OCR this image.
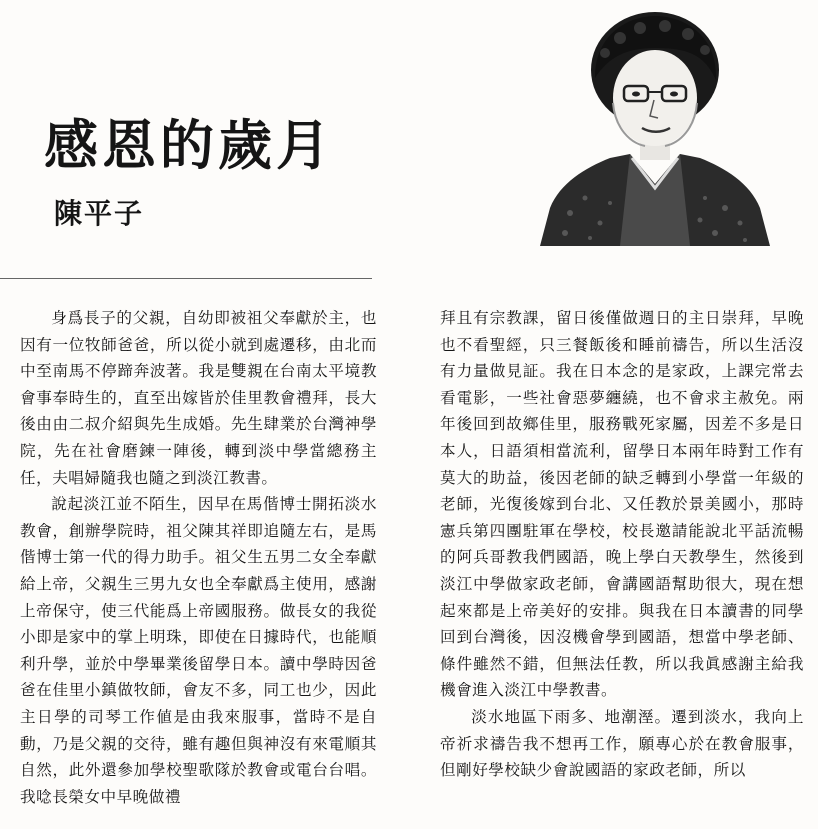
感恩的歲月
陳平子

身爲長子的父親，自幼即被祖父奉獻於主，也因有一位牧師爸爸，所以從小就到處遷移，由北而中至南馬不停蹄奔波著。我是雙親在台南太平境教會事奉時生的，直至出嫁皆於佳里教會禮拜，長大後由由二叔介紹與先生成婚。先生肆業於台灣神學院，先在社會磨鍊一陣後，轉到淡中學當總務主任，夫唱婦隨我也隨之到淡江教書。

說起淡江並不陌生，因早在馬偕博士開拓淡水教會，創辦學院時，祖父陳其祥即追隨左右，是馬偕博士第一代的得力助手。祖父生五男二女全奉獻給上帝，父親生三男九女也全奉獻爲主使用，感謝上帝保守，使三代能爲上帝國服務。做長女的我從小即是家中的掌上明珠，即使在日據時代，也能順利升學，並於中學畢業後留學日本。讀中學時因爸爸在佳里小鎮做牧師，會友不多，同工也少，因此主日學的司琴工作値是由我來服事，當時不是自動，乃是父親的交待，雖有趣但與神沒有來電順其自然，此外還參加學校聖歌隊於教會或電台台唱。我唸長榮女中早晚做禮

拜且有宗教課，留日後僅做週日的主日崇拜，早晚也不看聖經，只三餐飯後和睡前禱告，所以生活沒有力量做見証。我在日本念的是家政，上課完常去看電影，一些社會惡夢纏繞，也不會求主赦免。兩年後回到故鄉佳里，服務戰死家屬，因差不多是日本人，日語須相當流利，留學日本兩年時對工作有莫大的助益，後因老師的缺乏轉到小學當一年級的老師，光復後嫁到台北、又任教於景美國小，那時憲兵第四團駐軍在學校，校長邀請能說北平話流暢的阿兵哥教我們國語，晚上學白天教學生，然後到淡江中學做家政老師，會講國語幫助很大，現在想起來都是上帝美好的安排。與我在日本讀書的同學回到台灣後，因沒機會學到國語，想當中學老師、條件雖然不錯，但無法任教，所以我眞感謝主給我機會進入淡江中學教書。

淡水地區下雨多、地潮溼。遷到淡水，我向上帝祈求禱告我不想再工作，願專心於在教會服事，但剛好學校缺少會說國語的家政老師，所以
